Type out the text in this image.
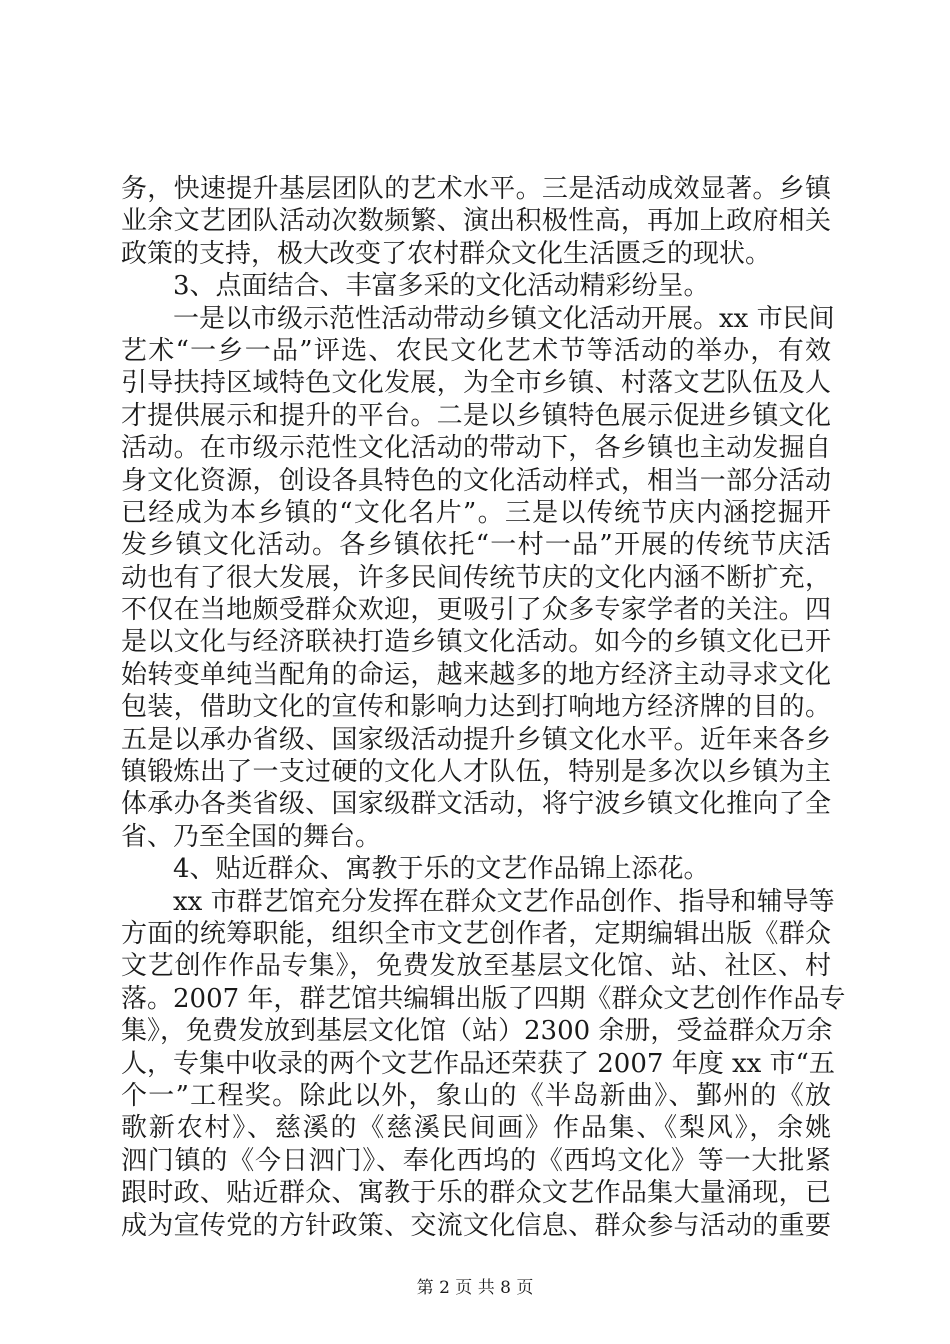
务，快速提升基层团队的艺术水平。三是活动成效显著。乡镇
业余文艺团队活动次数频繁、演出积极性高，再加上政府相关
政策的支持，极大改变了农村群众文化生活匮乏的现状。
3、点面结合、丰富多采的文化活动精彩纷呈。
一是以市级示范性活动带动乡镇文化活动开展。xx 市民间
艺术“一乡一品”评选、农民文化艺术节等活动的举办，有效
引导扶持区域特色文化发展，为全市乡镇、村落文艺队伍及人
才提供展示和提升的平台。二是以乡镇特色展示促进乡镇文化
活动。在市级示范性文化活动的带动下，各乡镇也主动发掘自
身文化资源，创设各具特色的文化活动样式，相当一部分活动
已经成为本乡镇的“文化名片”。三是以传统节庆内涵挖掘开
发乡镇文化活动。各乡镇依托“一村一品”开展的传统节庆活
动也有了很大发展，许多民间传统节庆的文化内涵不断扩充，
不仅在当地颇受群众欢迎，更吸引了众多专家学者的关注。四
是以文化与经济联袂打造乡镇文化活动。如今的乡镇文化已开
始转变单纯当配角的命运，越来越多的地方经济主动寻求文化
包装，借助文化的宣传和影响力达到打响地方经济牌的目的。
五是以承办省级、国家级活动提升乡镇文化水平。近年来各乡
镇锻炼出了一支过硬的文化人才队伍，特别是多次以乡镇为主
体承办各类省级、国家级群文活动，将宁波乡镇文化推向了全
省、乃至全国的舞台。
4、贴近群众、寓教于乐的文艺作品锦上添花。
xx 市群艺馆充分发挥在群众文艺作品创作、指导和辅导等
方面的统筹职能，组织全市文艺创作者，定期编辑出版《群众
文艺创作作品专集》，免费发放至基层文化馆、站、社区、村
落。2007 年，群艺馆共编辑出版了四期《群众文艺创作作品专
集》，免费发放到基层文化馆（站）2300 余册，受益群众万余
人，专集中收录的两个文艺作品还荣获了 2007 年度 xx 市“五
个一”工程奖。除此以外，象山的《半岛新曲》、鄞州的《放
歌新农村》、慈溪的《慈溪民间画》作品集、《梨风》，余姚
泗门镇的《今日泗门》、奉化西坞的《西坞文化》等一大批紧
跟时政、贴近群众、寓教于乐的群众文艺作品集大量涌现，已
成为宣传党的方针政策、交流文化信息、群众参与活动的重要
第 2 页 共 8 页
